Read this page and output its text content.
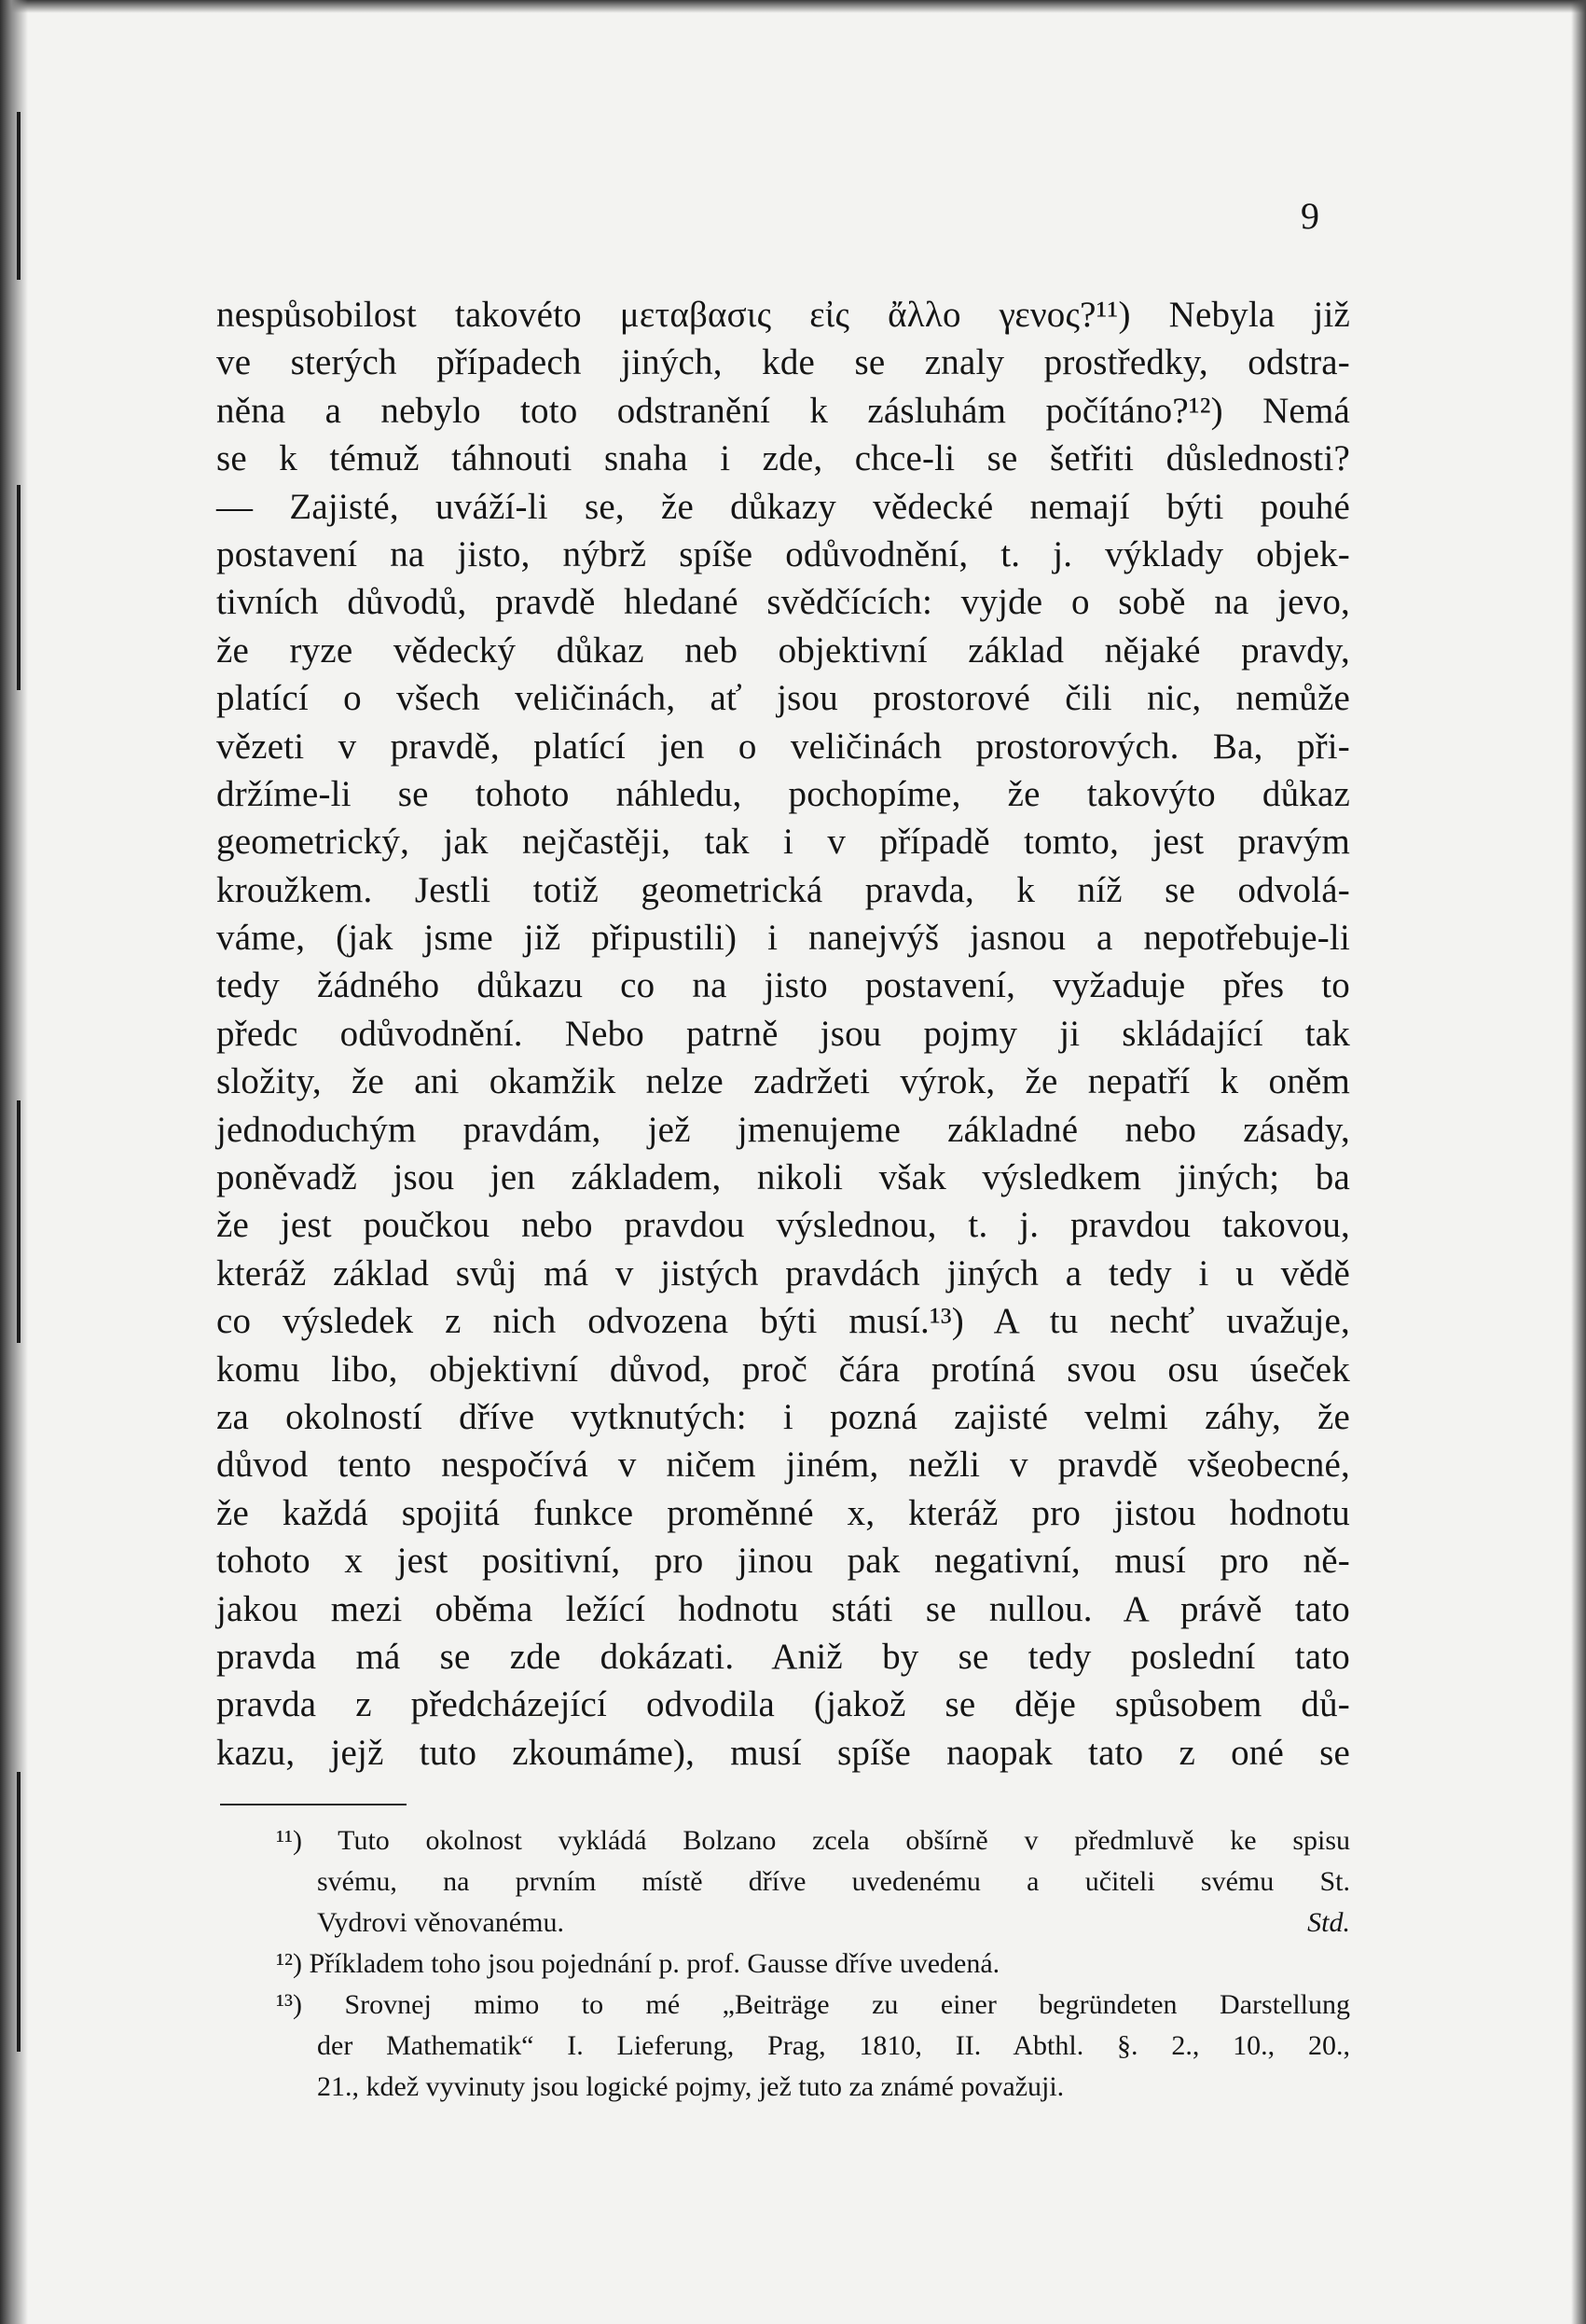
9
nespůsobilost takovéto μεταβασις εἰς ἄλλο γενος?¹¹) Nebyla již
ve sterých případech jiných, kde se znaly prostředky, odstra-
něna a nebylo toto odstranění k zásluhám počítáno?¹²) Nemá
se k témuž táhnouti snaha i zde, chce-li se šetřiti důslednosti?
— Zajisté, uváží-li se, že důkazy vědecké nemají býti pouhé
postavení na jisto, nýbrž spíše odůvodnění, t. j. výklady objek-
tivních důvodů, pravdě hledané svědčících: vyjde o sobě na jevo,
že ryze vědecký důkaz neb objektivní základ nějaké pravdy,
platící o všech veličinách, ať jsou prostorové čili nic, nemůže
vězeti v pravdě, platící jen o veličinách prostorových. Ba, při-
držíme-li se tohoto náhledu, pochopíme, že takovýto důkaz
geometrický, jak nejčastěji, tak i v případě tomto, jest pravým
kroužkem. Jestli totiž geometrická pravda, k níž se odvolá-
váme, (jak jsme již připustili) i nanejvýš jasnou a nepotřebuje-li
tedy žádného důkazu co na jisto postavení, vyžaduje přes to
předc odůvodnění. Nebo patrně jsou pojmy ji skládající tak
složity, že ani okamžik nelze zadržeti výrok, že nepatří k oněm
jednoduchým pravdám, jež jmenujeme základné nebo zásady,
poněvadž jsou jen základem, nikoli však výsledkem jiných; ba
že jest poučkou nebo pravdou výslednou, t. j. pravdou takovou,
kteráž základ svůj má v jistých pravdách jiných a tedy i u vědě
co výsledek z nich odvozena býti musí.¹³) A tu nechť uvažuje,
komu libo, objektivní důvod, proč čára protíná svou osu úseček
za okolností dříve vytknutých: i pozná zajisté velmi záhy, že
důvod tento nespočívá v ničem jiném, nežli v pravdě všeobecné,
že každá spojitá funkce proměnné x, kteráž pro jistou hodnotu
tohoto x jest positivní, pro jinou pak negativní, musí pro ně-
jakou mezi oběma ležící hodnotu státi se nullou. A právě tato
pravda má se zde dokázati. Aniž by se tedy poslední tato
pravda z předcházející odvodila (jakož se děje spůsobem dů-
kazu, jejž tuto zkoumáme), musí spíše naopak tato z oné se
¹¹) Tuto okolnost vykládá Bolzano zcela obšírně v předmluvě ke spisu
svému, na prvním místě dříve uvedenému a učiteli svému St.
Vydrovi věnovanému.	Std.
¹²) Příkladem toho jsou pojednání p. prof. Gausse dříve uvedená.
¹³) Srovnej mimo to mé „Beiträge zu einer begründeten Darstellung
der Mathematik“ I. Lieferung, Prag, 1810, II. Abthl. §. 2., 10., 20.,
21., kdež vyvinuty jsou logické pojmy, jež tuto za známé považuji.
